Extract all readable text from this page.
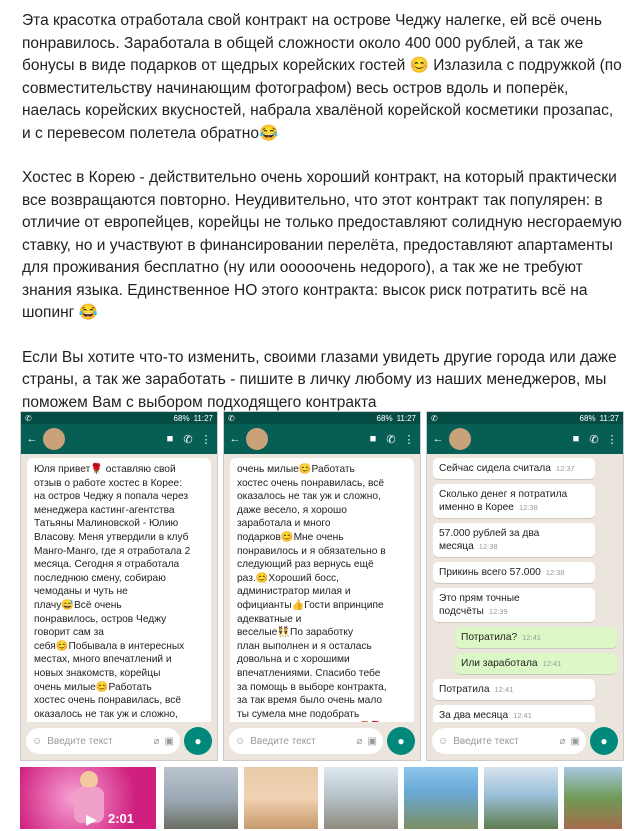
Эта красотка отработала свой контракт на острове Чеджу налегке, ей всё очень понравилось. Заработала в общей сложности около 400 000 рублей, а так же бонусы в виде подарков от щедрых корейских гостей 😊 Излазила с подружкой (по совместительству начинающим фотографом) весь остров вдоль и поперёк, наелась корейских вкусностей, набрала хвалёной корейской косметики прозапас, и с перевесом полетела обратно😂

Хостес в Корею - действительно очень хороший контракт, на который практически все возвращаются повторно. Неудивительно, что этот контракт так популярен: в отличие от европейцев, корейцы не только предоставляют солидную несгораемую ставку, но и участвуют в финансировании перелёта, предоставляют апартаменты для проживания бесплатно (ну или ооооочень недорого), а так же не требуют знания языка. Единственное НО этого контракта: высок риск потратить всё на шопинг 😂

Если Вы хотите что-то изменить, своими глазами увидеть другие города или даже страны, а так же заработать - пишите в личку любому из наших менеджеров, мы поможем Вам с выбором подходящего контракта

✆	68% 11:27
←	■ ✆ ⋮
Юля привет🌹 оставляю свой
отзыв о работе хостес в Корее:
на остров Чеджу я попала через
менеджера кастинг-агентства
Татьяны Малиновской - Юлию
Власову. Меня утвердили в клуб
Манго-Манго, где я отработала 2
месяца. Сегодня я отработала
последнюю смену, собираю
чемоданы и чуть не
плачу😅Всё очень
понравилось, остров Чеджу
говорит сам за
себя😊Побывала в интересных
местах, много впечатлений и
новых знакомств, корейцы
очень милые😊Работать
хостес очень понравилась, всё
оказалось не так уж и сложно,

☺ Введите текст	⌀ ▣	●
✆	68% 11:27
←	■ ✆ ⋮
очень милые😊Работать
хостес очень понравилась, всё
оказалось не так уж и сложно,
даже весело, я хорошо
заработала и много
подарков😊Мне очень
понравилось и я обязательно в
следующий раз вернусь ещё
раз.😊Хороший босс,
администратор милая и
официанты👍Гости впринципе
адекватные и
веселые👯По заработку
план выполнен и я осталась
довольна и с хорошими
впечатлениями. Спасибо тебе
за помощь в выборе контракта,
за так время было очень мало
ты сумела мне подобрать

☺ Введите текст	⌀ ▣	●
✆	68% 11:27
←	■ ✆ ⋮
Сейчас сидела считала 12:37
Сколько денег я потратила именно в Корее 12:38
57.000 рублей за два месяца 12:38
Прикинь всего 57.000 12:38
Это прям точные подсчёты 12:39
Потратила? 12:41
Или заработала 12:41
Потратила 12:41
За два месяца 12:41
☺ Введите текст	⌀ ▣	●
▶ 2:01
